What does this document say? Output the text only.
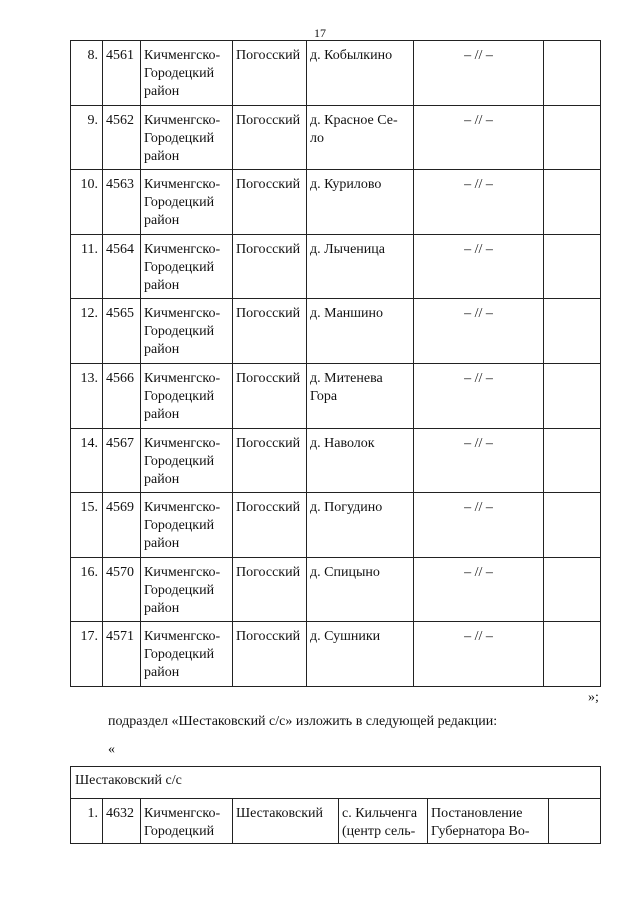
17
8.	4561	Кичменгско-Городецкий район	Погосский	д. Кобылкино	– // –	
9.	4562	Кичменгско-Городецкий район	Погосский	д. Красное Се-ло	– // –	
10.	4563	Кичменгско-Городецкий район	Погосский	д. Курилово	– // –	
11.	4564	Кичменгско-Городецкий район	Погосский	д. Лыченица	– // –	
12.	4565	Кичменгско-Городецкий район	Погосский	д. Маншино	– // –	
13.	4566	Кичменгско-Городецкий район	Погосский	д. Митенева Гора	– // –	
14.	4567	Кичменгско-Городецкий район	Погосский	д. Наволок	– // –	
15.	4569	Кичменгско-Городецкий район	Погосский	д. Погудино	– // –	
16.	4570	Кичменгско-Городецкий район	Погосский	д. Спицыно	– // –	
17.	4571	Кичменгско-Городецкий район	Погосский	д. Сушники	– // –	
»;
подраздел «Шестаковский с/с» изложить в следующей редакции:
«
Шестаковский с/с
1.	4632	Кичменгско-Городецкий	Шестаковский	с. Кильченга (центр сель-	Постановление Губернатора Во-	
